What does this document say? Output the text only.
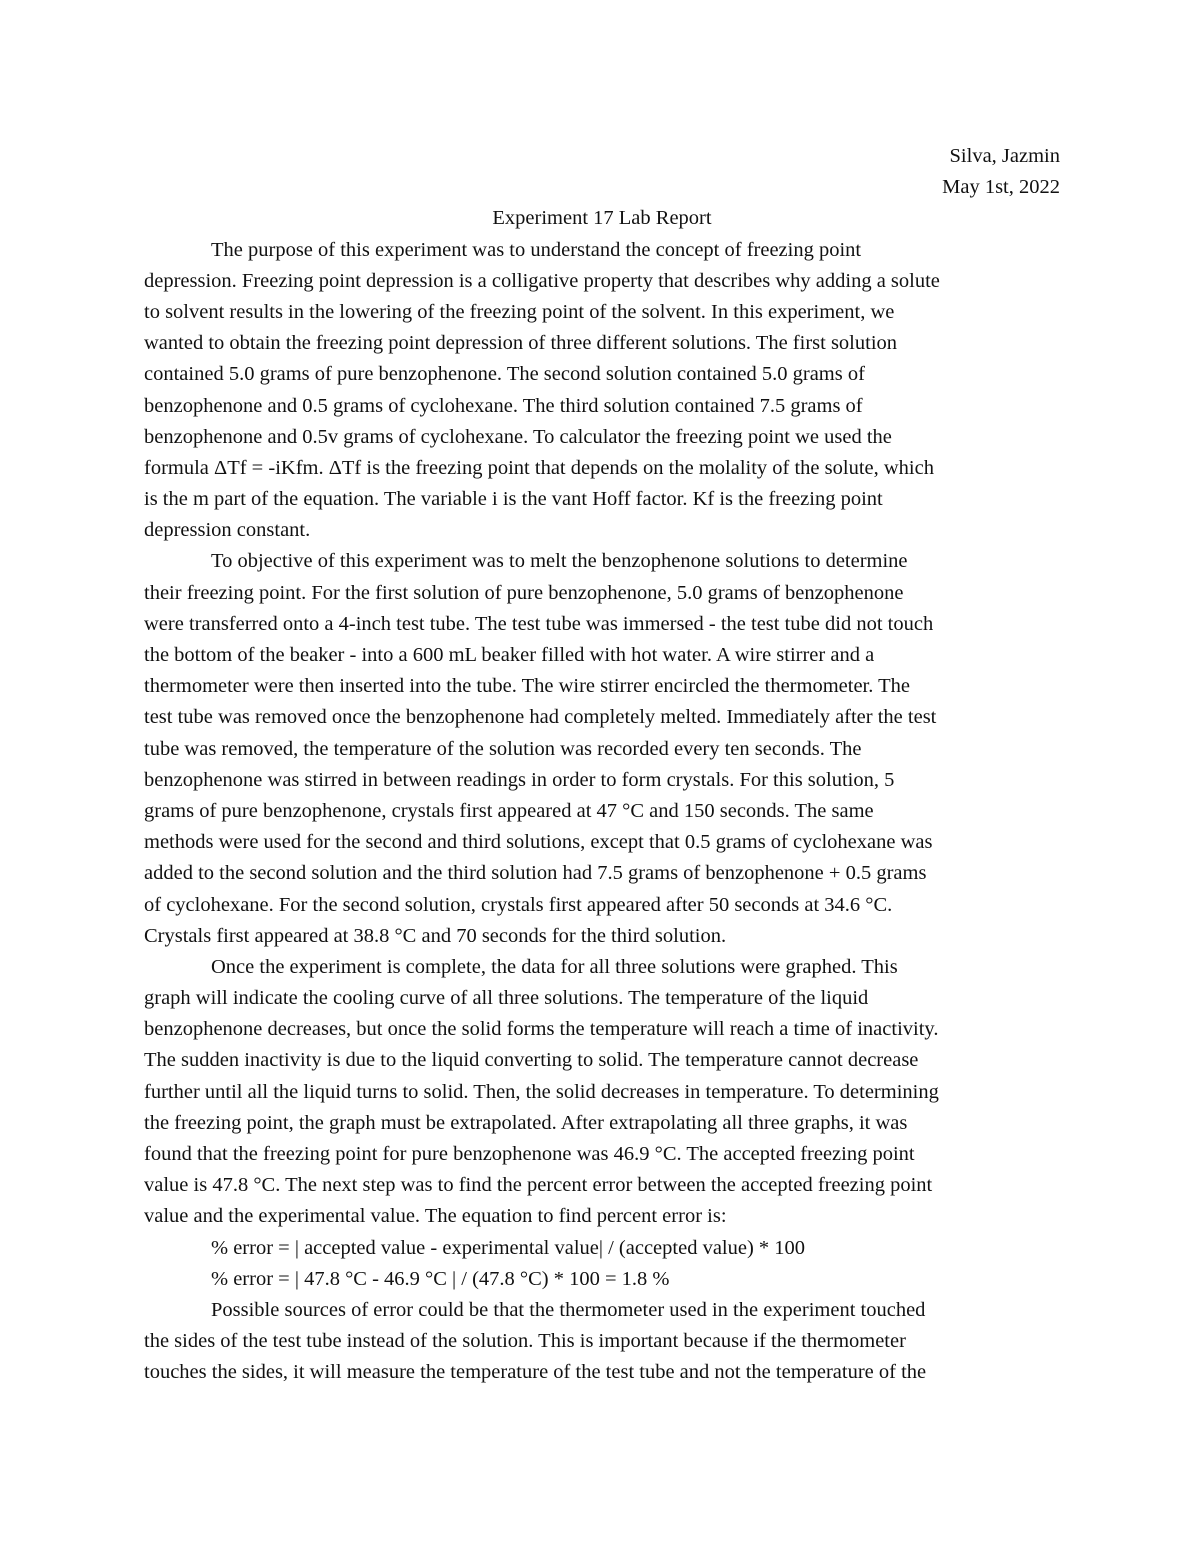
Silva, Jazmin
May 1st, 2022
Experiment 17 Lab Report
The purpose of this experiment was to understand the concept of freezing point
depression. Freezing point depression is a colligative property that describes why adding a solute
to solvent results in the lowering of the freezing point of the solvent. In this experiment, we
wanted to obtain the freezing point depression of three different solutions. The first solution
contained 5.0 grams of pure benzophenone. The second solution contained 5.0 grams of
benzophenone and 0.5 grams of cyclohexane. The third solution contained 7.5 grams of
benzophenone and 0.5v grams of cyclohexane. To calculator the freezing point we used the
formula ΔTf = -iKfm. ΔTf is the freezing point that depends on the molality of the solute, which
is the m part of the equation. The variable i is the vant Hoff factor. Kf is the freezing point
depression constant.
To objective of this experiment was to melt the benzophenone solutions to determine
their freezing point. For the first solution of pure benzophenone, 5.0 grams of benzophenone
were transferred onto a 4-inch test tube. The test tube was immersed - the test tube did not touch
the bottom of the beaker - into a 600 mL beaker filled with hot water. A wire stirrer and a
thermometer were then inserted into the tube. The wire stirrer encircled the thermometer. The
test tube was removed once the benzophenone had completely melted. Immediately after the test
tube was removed, the temperature of the solution was recorded every ten seconds. The
benzophenone was stirred in between readings in order to form crystals. For this solution, 5
grams of pure benzophenone, crystals first appeared at 47 °C and 150 seconds. The same
methods were used for the second and third solutions, except that 0.5 grams of cyclohexane was
added to the second solution and the third solution had 7.5 grams of benzophenone + 0.5 grams
of cyclohexane. For the second solution, crystals first appeared after 50 seconds at 34.6 °C.
Crystals first appeared at 38.8 °C and 70 seconds for the third solution.
Once the experiment is complete, the data for all three solutions were graphed. This
graph will indicate the cooling curve of all three solutions. The temperature of the liquid
benzophenone decreases, but once the solid forms the temperature will reach a time of inactivity.
The sudden inactivity is due to the liquid converting to solid. The temperature cannot decrease
further until all the liquid turns to solid. Then, the solid decreases in temperature. To determining
the freezing point, the graph must be extrapolated. After extrapolating all three graphs, it was
found that the freezing point for pure benzophenone was 46.9 °C. The accepted freezing point
value is 47.8 °C. The next step was to find the percent error between the accepted freezing point
value and the experimental value. The equation to find percent error is:
% error = | accepted value - experimental value| / (accepted value) * 100
% error = | 47.8 °C - 46.9 °C | / (47.8 °C) * 100 = 1.8 %
Possible sources of error could be that the thermometer used in the experiment touched
the sides of the test tube instead of the solution. This is important because if the thermometer
touches the sides, it will measure the temperature of the test tube and not the temperature of the
